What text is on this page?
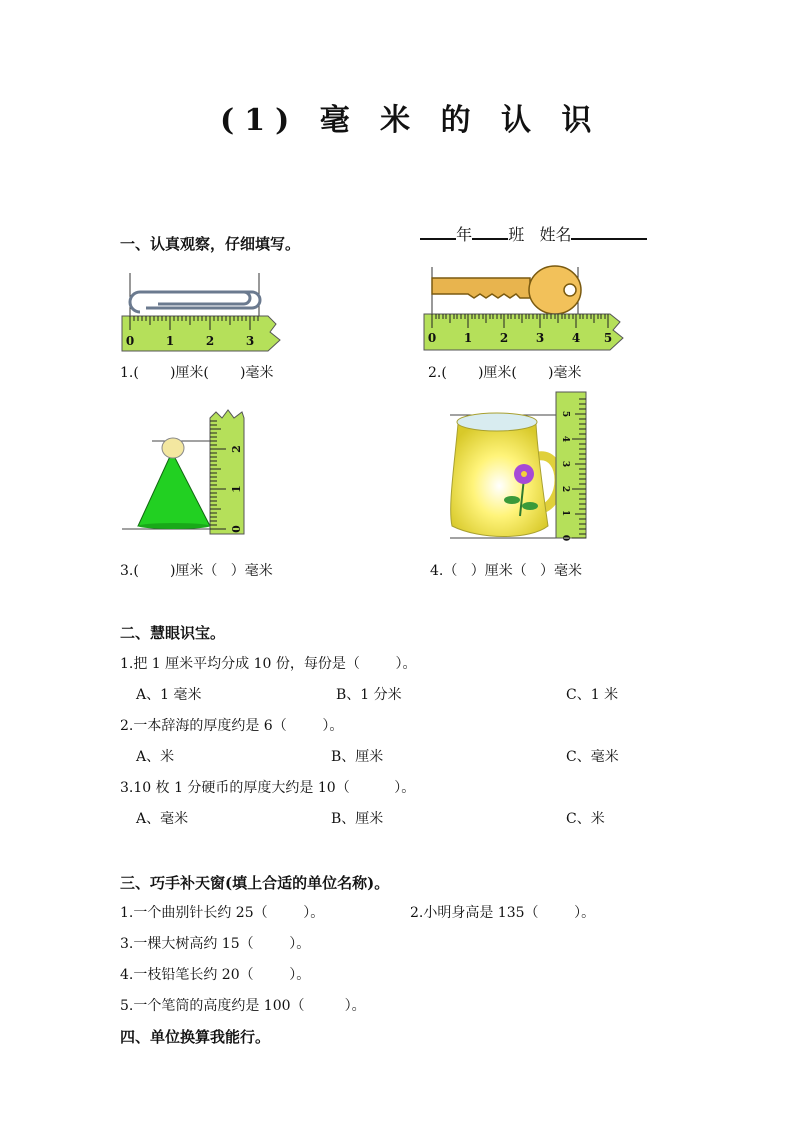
(1) 毫 米 的 认 识

年 班 姓名

一、认真观察，仔细填写。
0	1	2	3	0 1 2 3 4 5
1.(       )厘米(       )毫米	2.(       )厘米(       )毫米
0
1
2
0
1
2
3
4
5
3.(       )厘米（   ）毫米	4.（   ）厘米（   ）毫米
二、慧眼识宝。
1.把 1 厘米平均分成 10 份，每份是（        ）。
A、1 毫米	B、1 分米	C、1 米
2.一本辞海的厚度约是 6（        ）。
A、米	B、厘米	C、毫米
3.10 枚 1 分硬币的厚度大约是 10（          ）。
A、毫米	B、厘米	C、米
三、巧手补天窗(填上合适的单位名称)。
1.一个曲别针长约 25（        ）。	2.小明身高是 135（        ）。
3.一棵大树高约 15（        ）。
4.一枝铅笔长约 20（        ）。
5.一个笔筒的高度约是 100（         ）。
四、单位换算我能行。
